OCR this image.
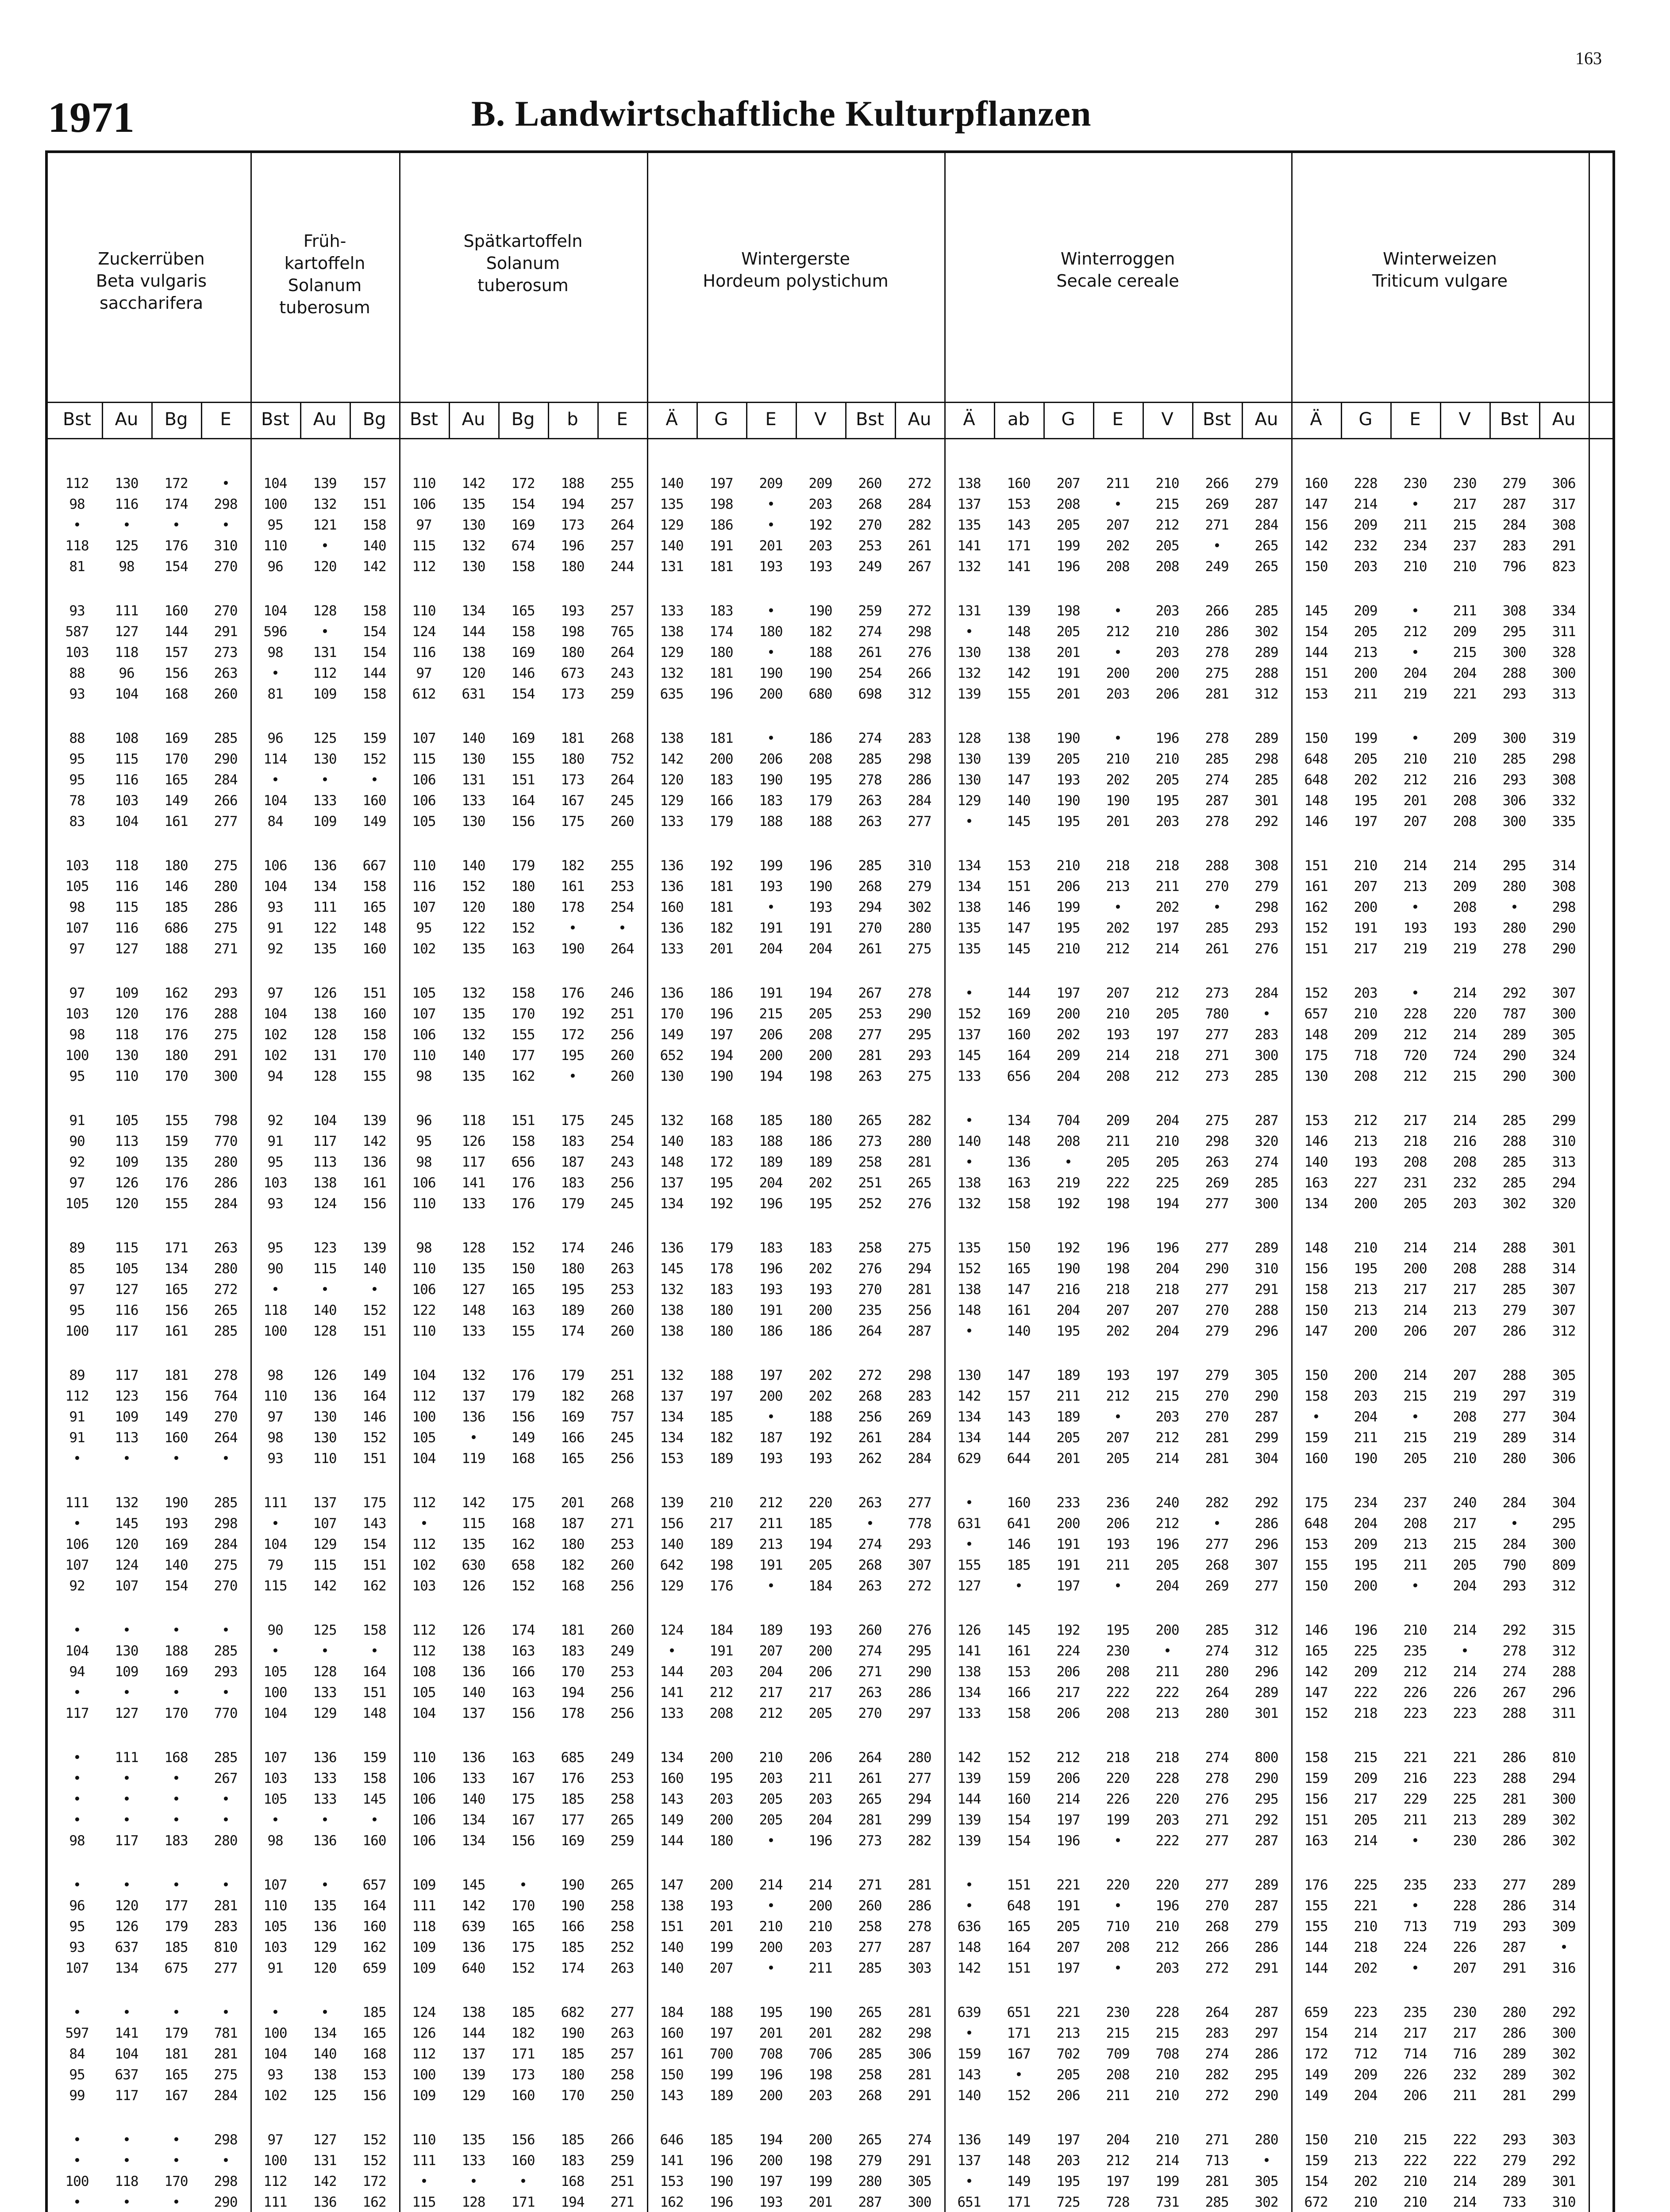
163
1971	B. Landwirtschaftliche Kulturpflanzen
Zuckerrüben
Beta vulgaris
saccharifera
Früh-
kartoffeln
Solanum
tuberosum
Spätkartoffeln
Solanum
tuberosum
Wintergerste
Hordeum polystichum
Winterroggen
Secale cereale
Winterweizen
Triticum vulgare
Bst	Au	Bg	E	Bst	Au	Bg	Bst	Au	Bg	b	E	Ä	G	E	V	Bst	Au	Ä	ab	G	E	V	Bst	Au	Ä	G	E	V	Bst	Au
112	130	172	•	104	139	157	110	142	172	188	255	140	197	209	209	260	272	138	160	207	211	210	266	279	160	228	230	230	279	306
98	116	174	298	100	132	151	106	135	154	194	257	135	198	•	203	268	284	137	153	208	•	215	269	287	147	214	•	217	287	317
•	•	•	•	95	121	158	97	130	169	173	264	129	186	•	192	270	282	135	143	205	207	212	271	284	156	209	211	215	284	308
118	125	176	310	110	•	140	115	132	674	196	257	140	191	201	203	253	261	141	171	199	202	205	•	265	142	232	234	237	283	291
81	98	154	270	96	120	142	112	130	158	180	244	131	181	193	193	249	267	132	141	196	208	208	249	265	150	203	210	210	796	823
93	111	160	270	104	128	158	110	134	165	193	257	133	183	•	190	259	272	131	139	198	•	203	266	285	145	209	•	211	308	334
587	127	144	291	596	•	154	124	144	158	198	765	138	174	180	182	274	298	•	148	205	212	210	286	302	154	205	212	209	295	311
103	118	157	273	98	131	154	116	138	169	180	264	129	180	•	188	261	276	130	138	201	•	203	278	289	144	213	•	215	300	328
88	96	156	263	•	112	144	97	120	146	673	243	132	181	190	190	254	266	132	142	191	200	200	275	288	151	200	204	204	288	300
93	104	168	260	81	109	158	612	631	154	173	259	635	196	200	680	698	312	139	155	201	203	206	281	312	153	211	219	221	293	313
88	108	169	285	96	125	159	107	140	169	181	268	138	181	•	186	274	283	128	138	190	•	196	278	289	150	199	•	209	300	319
95	115	170	290	114	130	152	115	130	155	180	752	142	200	206	208	285	298	130	139	205	210	210	285	298	648	205	210	210	285	298
95	116	165	284	•	•	•	106	131	151	173	264	120	183	190	195	278	286	130	147	193	202	205	274	285	648	202	212	216	293	308
78	103	149	266	104	133	160	106	133	164	167	245	129	166	183	179	263	284	129	140	190	190	195	287	301	148	195	201	208	306	332
83	104	161	277	84	109	149	105	130	156	175	260	133	179	188	188	263	277	•	145	195	201	203	278	292	146	197	207	208	300	335
103	118	180	275	106	136	667	110	140	179	182	255	136	192	199	196	285	310	134	153	210	218	218	288	308	151	210	214	214	295	314
105	116	146	280	104	134	158	116	152	180	161	253	136	181	193	190	268	279	134	151	206	213	211	270	279	161	207	213	209	280	308
98	115	185	286	93	111	165	107	120	180	178	254	160	181	•	193	294	302	138	146	199	•	202	•	298	162	200	•	208	•	298
107	116	686	275	91	122	148	95	122	152	•	•	136	182	191	191	270	280	135	147	195	202	197	285	293	152	191	193	193	280	290
97	127	188	271	92	135	160	102	135	163	190	264	133	201	204	204	261	275	135	145	210	212	214	261	276	151	217	219	219	278	290
97	109	162	293	97	126	151	105	132	158	176	246	136	186	191	194	267	278	•	144	197	207	212	273	284	152	203	•	214	292	307
103	120	176	288	104	138	160	107	135	170	192	251	170	196	215	205	253	290	152	169	200	210	205	780	•	657	210	228	220	787	300
98	118	176	275	102	128	158	106	132	155	172	256	149	197	206	208	277	295	137	160	202	193	197	277	283	148	209	212	214	289	305
100	130	180	291	102	131	170	110	140	177	195	260	652	194	200	200	281	293	145	164	209	214	218	271	300	175	718	720	724	290	324
95	110	170	300	94	128	155	98	135	162	•	260	130	190	194	198	263	275	133	656	204	208	212	273	285	130	208	212	215	290	300
91	105	155	798	92	104	139	96	118	151	175	245	132	168	185	180	265	282	•	134	704	209	204	275	287	153	212	217	214	285	299
90	113	159	770	91	117	142	95	126	158	183	254	140	183	188	186	273	280	140	148	208	211	210	298	320	146	213	218	216	288	310
92	109	135	280	95	113	136	98	117	656	187	243	148	172	189	189	258	281	•	136	•	205	205	263	274	140	193	208	208	285	313
97	126	176	286	103	138	161	106	141	176	183	256	137	195	204	202	251	265	138	163	219	222	225	269	285	163	227	231	232	285	294
105	120	155	284	93	124	156	110	133	176	179	245	134	192	196	195	252	276	132	158	192	198	194	277	300	134	200	205	203	302	320
89	115	171	263	95	123	139	98	128	152	174	246	136	179	183	183	258	275	135	150	192	196	196	277	289	148	210	214	214	288	301
85	105	134	280	90	115	140	110	135	150	180	263	145	178	196	202	276	294	152	165	190	198	204	290	310	156	195	200	208	288	314
97	127	165	272	•	•	•	106	127	165	195	253	132	183	193	193	270	281	138	147	216	218	218	277	291	158	213	217	217	285	307
95	116	156	265	118	140	152	122	148	163	189	260	138	180	191	200	235	256	148	161	204	207	207	270	288	150	213	214	213	279	307
100	117	161	285	100	128	151	110	133	155	174	260	138	180	186	186	264	287	•	140	195	202	204	279	296	147	200	206	207	286	312
89	117	181	278	98	126	149	104	132	176	179	251	132	188	197	202	272	298	130	147	189	193	197	279	305	150	200	214	207	288	305
112	123	156	764	110	136	164	112	137	179	182	268	137	197	200	202	268	283	142	157	211	212	215	270	290	158	203	215	219	297	319
91	109	149	270	97	130	146	100	136	156	169	757	134	185	•	188	256	269	134	143	189	•	203	270	287	•	204	•	208	277	304
91	113	160	264	98	130	152	105	•	149	166	245	134	182	187	192	261	284	134	144	205	207	212	281	299	159	211	215	219	289	314
•	•	•	•	93	110	151	104	119	168	165	256	153	189	193	193	262	284	629	644	201	205	214	281	304	160	190	205	210	280	306
111	132	190	285	111	137	175	112	142	175	201	268	139	210	212	220	263	277	•	160	233	236	240	282	292	175	234	237	240	284	304
•	145	193	298	•	107	143	•	115	168	187	271	156	217	211	185	•	778	631	641	200	206	212	•	286	648	204	208	217	•	295
106	120	169	284	104	129	154	112	135	162	180	253	140	189	213	194	274	293	•	146	191	193	196	277	296	153	209	213	215	284	300
107	124	140	275	79	115	151	102	630	658	182	260	642	198	191	205	268	307	155	185	191	211	205	268	307	155	195	211	205	790	809
92	107	154	270	115	142	162	103	126	152	168	256	129	176	•	184	263	272	127	•	197	•	204	269	277	150	200	•	204	293	312
•	•	•	•	90	125	158	112	126	174	181	260	124	184	189	193	260	276	126	145	192	195	200	285	312	146	196	210	214	292	315
104	130	188	285	•	•	•	112	138	163	183	249	•	191	207	200	274	295	141	161	224	230	•	274	312	165	225	235	•	278	312
94	109	169	293	105	128	164	108	136	166	170	253	144	203	204	206	271	290	138	153	206	208	211	280	296	142	209	212	214	274	288
•	•	•	•	100	133	151	105	140	163	194	256	141	212	217	217	263	286	134	166	217	222	222	264	289	147	222	226	226	267	296
117	127	170	770	104	129	148	104	137	156	178	256	133	208	212	205	270	297	133	158	206	208	213	280	301	152	218	223	223	288	311
•	111	168	285	107	136	159	110	136	163	685	249	134	200	210	206	264	280	142	152	212	218	218	274	800	158	215	221	221	286	810
•	•	•	267	103	133	158	106	133	167	176	253	160	195	203	211	261	277	139	159	206	220	228	278	290	159	209	216	223	288	294
•	•	•	•	105	133	145	106	140	175	185	258	143	203	205	203	265	294	144	160	214	226	220	276	295	156	217	229	225	281	300
•	•	•	•	•	•	•	106	134	167	177	265	149	200	205	204	281	299	139	154	197	199	203	271	292	151	205	211	213	289	302
98	117	183	280	98	136	160	106	134	156	169	259	144	180	•	196	273	282	139	154	196	•	222	277	287	163	214	•	230	286	302
•	•	•	•	107	•	657	109	145	•	190	265	147	200	214	214	271	281	•	151	221	220	220	277	289	176	225	235	233	277	289
96	120	177	281	110	135	164	111	142	170	190	258	138	193	•	200	260	286	•	648	191	•	196	270	287	155	221	•	228	286	314
95	126	179	283	105	136	160	118	639	165	166	258	151	201	210	210	258	278	636	165	205	710	210	268	279	155	210	713	719	293	309
93	637	185	810	103	129	162	109	136	175	185	252	140	199	200	203	277	287	148	164	207	208	212	266	286	144	218	224	226	287	•
107	134	675	277	91	120	659	109	640	152	174	263	140	207	•	211	285	303	142	151	197	•	203	272	291	144	202	•	207	291	316
•	•	•	•	•	•	185	124	138	185	682	277	184	188	195	190	265	281	639	651	221	230	228	264	287	659	223	235	230	280	292
597	141	179	781	100	134	165	126	144	182	190	263	160	197	201	201	282	298	•	171	213	215	215	283	297	154	214	217	217	286	300
84	104	181	281	104	140	168	112	137	171	185	257	161	700	708	706	285	306	159	167	702	709	708	274	286	172	712	714	716	289	302
95	637	165	275	93	138	153	100	139	173	180	258	150	199	196	198	258	281	143	•	205	208	210	282	295	149	209	226	232	289	302
99	117	167	284	102	125	156	109	129	160	170	250	143	189	200	203	268	291	140	152	206	211	210	272	290	149	204	206	211	281	299
•	•	•	298	97	127	152	110	135	156	185	266	646	185	194	200	265	274	136	149	197	204	210	271	280	150	210	215	222	293	303
•	•	•	•	100	131	152	111	133	160	183	259	141	196	200	198	279	291	137	148	203	212	214	713	•	159	213	222	222	279	292
100	118	170	298	112	142	172	•	•	•	168	251	153	190	197	199	280	305	•	149	195	197	199	281	305	154	202	210	214	289	301
•	•	•	290	111	136	162	115	128	171	194	271	162	196	193	201	287	300	651	171	725	728	731	285	302	672	210	210	214	733	310
